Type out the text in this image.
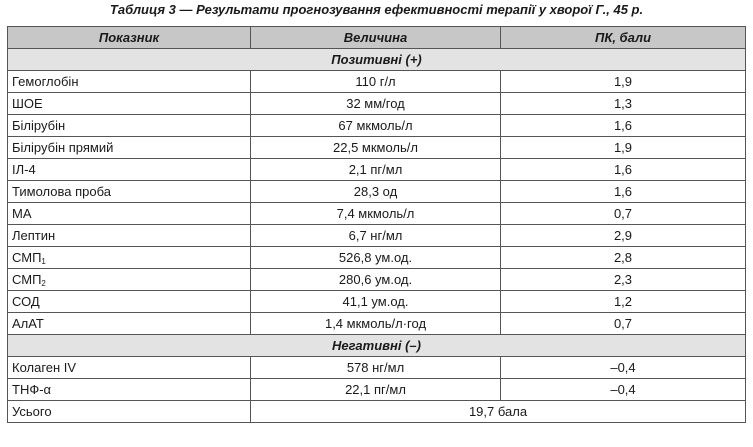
Таблиця 3 — Результати прогнозування ефективності терапії у хворої Г., 45 р.
Показник	Величина	ПК, бали
Позитивні (+)		
Гемоглобін	110 г/л	1,9
ШОЕ	32 мм/год	1,3
Білірубін	67 мкмоль/л	1,6
Білірубін прямий	22,5 мкмоль/л	1,9
ІЛ-4	2,1 пг/мл	1,6
Тимолова проба	28,3 од	1,6
МА	7,4 мкмоль/л	0,7
Лептин	6,7 нг/мл	2,9
$СМП_1$	526,8 ум.од.	2,8
$СМП_2$	280,6 ум.од.	2,3
СОД	41,1 ум.од.	1,2
АлАТ	1,4 мкмоль/л·год	0,7
Негативні (–)		
Колаген IV	578 нг/мл	–0,4
ТНФ-α	22,1 пг/мл	–0,4
Усього	19,7 бала	
